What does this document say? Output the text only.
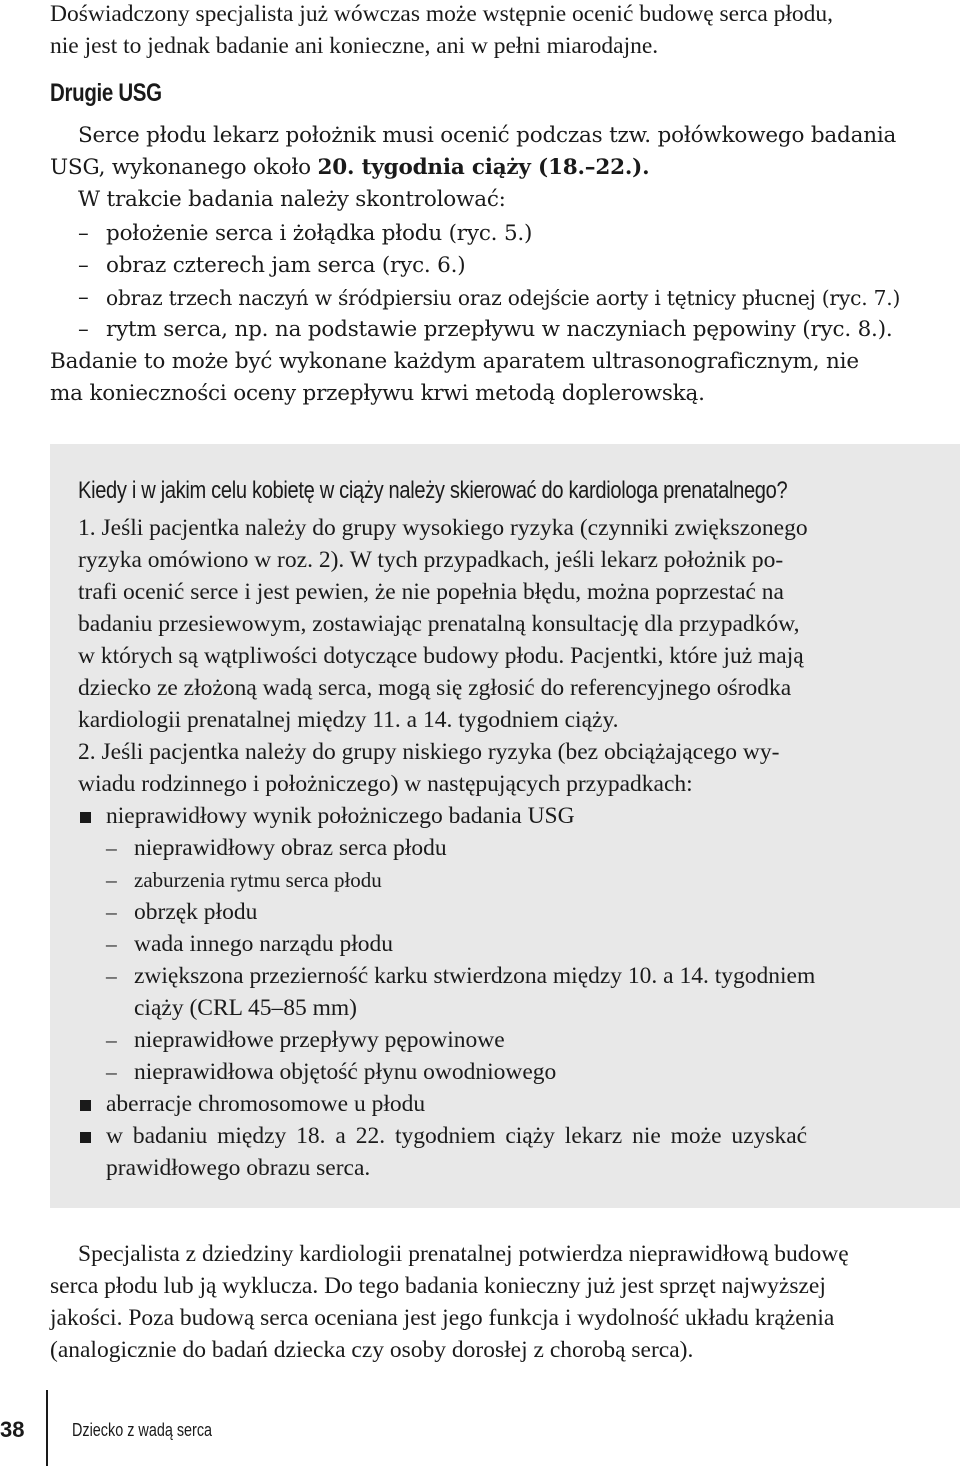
Doświadczony specjalista już wówczas może wstępnie ocenić budowę serca płodu,
nie jest to jednak badanie ani konieczne, ani w pełni miarodajne.
Drugie USG
Serce płodu lekarz położnik musi ocenić podczas tzw. połówkowego badania
USG, wykonanego około 20. tygodnia ciąży (18.–22.).
W trakcie badania należy skontrolować:
– położenie serca i żołądka płodu (ryc. 5.)
– obraz czterech jam serca (ryc. 6.)
– obraz trzech naczyń w śródpiersiu oraz odejście aorty i tętnicy płucnej (ryc. 7.)
– rytm serca, np. na podstawie przepływu w naczyniach pępowiny (ryc. 8.).
Badanie to może być wykonane każdym aparatem ultrasonograficznym, nie
ma konieczności oceny przepływu krwi metodą doplerowską.
Kiedy i w jakim celu kobietę w ciąży należy skierować do kardiologa prenatalnego?
1. Jeśli pacjentka należy do grupy wysokiego ryzyka (czynniki zwiększonego
ryzyka omówiono w roz. 2). W tych przypadkach, jeśli lekarz położnik po-
trafi ocenić serce i jest pewien, że nie popełnia błędu, można poprzestać na
badaniu przesiewowym, zostawiając prenatalną konsultację dla przypadków,
w których są wątpliwości dotyczące budowy płodu. Pacjentki, które już mają
dziecko ze złożoną wadą serca, mogą się zgłosić do referencyjnego ośrodka
kardiologii prenatalnej między 11. a 14. tygodniem ciąży.
2. Jeśli pacjentka należy do grupy niskiego ryzyka (bez obciążającego wy-
wiadu rodzinnego i położniczego) w następujących przypadkach:
nieprawidłowy wynik położniczego badania USG
– nieprawidłowy obraz serca płodu
– zaburzenia rytmu serca płodu
– obrzęk płodu
– wada innego narządu płodu
– zwiększona przezierność karku stwierdzona między 10. a 14. tygodniem
ciąży (CRL 45–85 mm)
– nieprawidłowe przepływy pępowinowe
– nieprawidłowa objętość płynu owodniowego
aberracje chromosomowe u płodu
w badaniu między 18. a 22. tygodniem ciąży lekarz nie może uzyskać
prawidłowego obrazu serca.
Specjalista z dziedziny kardiologii prenatalnej potwierdza nieprawidłową budowę
serca płodu lub ją wyklucza. Do tego badania konieczny już jest sprzęt najwyższej
jakości. Poza budową serca oceniana jest jego funkcja i wydolność układu krążenia
(analogicznie do badań dziecka czy osoby dorosłej z chorobą serca).
38	Dziecko z wadą serca
